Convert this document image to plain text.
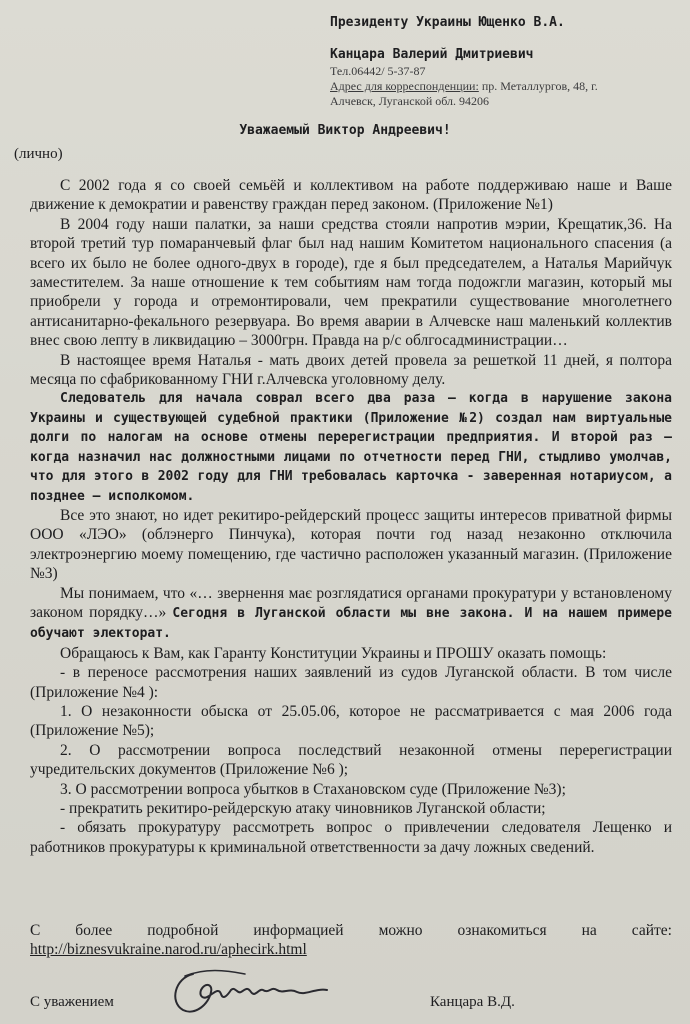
Президенту Украины Ющенко В.А.
Канцара Валерий Дмитриевич
Тел.06442/ 5-37-87
Адрес для корреспонденции: пр. Металлургов, 48, г.
Алчевск, Луганской обл. 94206
Уважаемый Виктор Андреевич!
(лично)

С 2002 года я со своей семьёй и коллективом на работе поддерживаю наше и Ваше движение к демократии и равенству граждан перед законом. (Приложение №1)

В 2004 году наши палатки, за наши средства стояли напротив мэрии, Крещатик,36. На второй третий тур помаранчевый флаг был над нашим Комитетом национального спасения (а всего их было не более одного-двух в городе), где я был председателем, а Наталья Марийчук заместителем. За наше отношение к тем событиям нам тогда подожгли магазин, который мы приобрели у города и отремонтировали, чем прекратили существование многолетнего антисанитарно-фекального резервуара. Во время аварии в Алчевске наш маленький коллектив внес свою лепту в ликвидацию – 3000грн. Правда на р/с облгосадминистрации…

В настоящее время Наталья - мать двоих детей провела за решеткой 11 дней, я полтора месяца по сфабрикованному ГНИ г.Алчевска уголовному делу.

Следователь для начала соврал всего два раза – когда в нарушение закона Украины и существующей судебной практики (Приложение №2) создал нам виртуальные долги по налогам на основе отмены перерегистрации предприятия. И второй раз – когда назначил нас должностными лицами по отчетности перед ГНИ, стыдливо умолчав, что для этого в 2002 году для ГНИ требовалась карточка - заверенная нотариусом, а позднее – исполкомом.

Все это знают, но идет рекитиро-рейдерский процесс защиты интересов приватной фирмы ООО «ЛЭО» (облэнерго Пинчука), которая почти год назад незаконно отключила электроэнергию моему помещению, где частично расположен указанный магазин. (Приложение №3)

Мы понимаем, что «… звернення має розглядатися органами прокуратури у встановленому законом порядку…» Сегодня в Луганской области мы вне закона. И на нашем примере обучают электорат.

Обращаюсь к Вам, как Гаранту Конституции Украины и ПРОШУ оказать помощь:

- в переносе рассмотрения наших заявлений из судов Луганской области. В том числе (Приложение №4 ):

1. О незаконности обыска от 25.05.06, которое не рассматривается с мая 2006 года (Приложение №5);

2. О рассмотрении вопроса последствий незаконной отмены перерегистрации учредительских документов (Приложение №6 );

3. О рассмотрении вопроса убытков в Стахановском суде (Приложение №3);

- прекратить рекитиро-рейдерскую атаку чиновников Луганской области;

- обязать прокуратуру рассмотреть вопрос о привлечении следователя Лещенко и работников прокуратуры к криминальной ответственности за дачу ложных сведений.

С более подробной информацией можно ознакомиться на сайте:
http://biznesvukraine.narod.ru/aphecirk.html
С уважением	Канцара В.Д.
